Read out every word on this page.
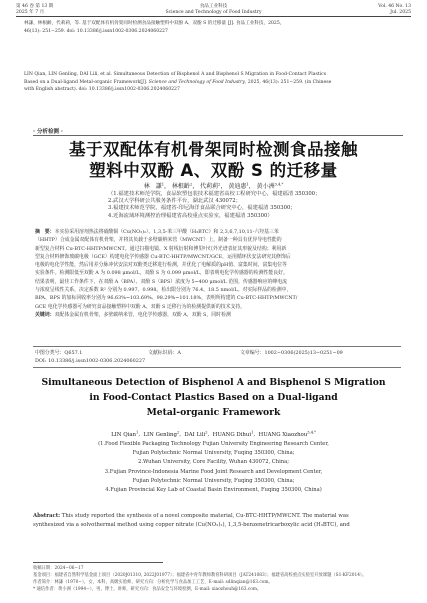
第 46 卷 第 13 期
2025 年 7 月
食品工业科技
Science and Technology of Food Industry
Vol. 46 No. 13
Jul. 2025
林謙，林根齡，代莉莉，等. 基于双配体有机骨架同时检测食品接触塑料中双酚 A、双酚 S 的迁移量 [J]. 食品工业科技，2025，
46(13): 251−259. doi: 10.13386/j.issn1002-0306.2024060227
LIN Qian, LIN Genling, DAI Lili, et al. Simultaneous Detection of Bisphenol A and Bisphenol S Migration in Food-Contact Plastics
Based on a Dual-ligand Metal-organic Framework[J]. Science and Technology of Food Industry, 2025, 46(13): 251−259. (in Chinese
with English abstract). doi: 10.13386/j.issn1002-0306.2024060227
· 分析检测 ·
基于双配体有机骨架同时检测食品接触
塑料中双酚 A、双酚 S 的迁移量
林　謙$^1$， 林根齡$^2$， 代莉莉$^2$， 黄迪惠$^1$， 黄小洲$^{3,4,*}$
（1.福建技术师范学院，食品软塑包装技术福建省高校工程研究中心，福建福清 350300；
2.武汉大学科研公共服务条件平台，湖北武汉 430072；
3.福建技术师范学院，福建省-印尼海洋食品联合研究中心，福建福清 350300；
4.近海流域环境测控治理福建省高校重点实验室，福建福清 350300）
摘　要：本实验采用溶剂热法将硝酸铜（Cu(NO₃)₂）、1,3,5-苯三甲酸（H₃BTC）和 2,3,6,7,10,11-六羟基三苯
（HHTP）合成金属双配体有机骨架，并将其负载于多壁碳纳米管（MWCNT）上，制备一种具有优异导电性能的
新型复合材料 Cu-BTC-HHTP/MWCNT。通过扫描电镜、X 射线衍射和傅里叶红外光谱表征其形貌及结构；利用新
型复合材料修饰玻碳电极（GCE）构建电化学传感器 Cu-BTC-HHTP/MWCNT/GCE，运用循环伏安法研究其修饰后
电极的电化学性能，然后用差分脉冲伏安法对双酚类迁移进行检测，并优化了电解质的pH值、富集时间、富集电位等
实验条件。检测限低至双酚 A 为 0.098 μmol/L，双酚 S 为 0.099 μmol/L，即表明电化学传感器的检测性能良好。
结果表明，最佳工作条件下，在双酚 A（BPA）、双酚 S（BPS）浓度为 5~400 μmol/L 范围，传感器响应的峰电流
与浓度呈线性关系，决定系数 R² 分别为 0.997、0.998。检出限分别为 76.4、18.5 nmol/L。对实际样品的检测中，
BPA、BPS 的加标回收率分别为 96.63%~103.69%、98.29%~101.18%，表明所构建的 Cu-BTC-HHTP/MWCNT/
GCE 电化学传感器可为研究食品接触塑料中双酚 A、双酚 S 迁移行为的检测提供新的技术支持。
关键词：双配体金属有机骨架，多壁碳纳米管，电化学传感器，双酚 A，双酚 S，同时检测
中图分类号：Q657.1	文献标识码：A	文章编号：1002−0306(2025)13−0251−09
DOI: 10.13386/j.issn1002-0306.2024060227
Simultaneous Detection of Bisphenol A and Bisphenol S Migration
in Food-Contact Plastics Based on a Dual-ligand
Metal-organic Framework
LIN Qian$^1$,  LIN Genling$^2$,  DAI Lili$^2$,  HUANG Dihui$^1$,  HUANG Xiaozhou$^{3,4,*}$
(1.Food Flexible Packaging Technology Fujian University Engineering Research Center,
Fujian Polytechnic Normal University, Fuqing 350300, China;
2.Wuhan University, Core Facility, Wuhan 430072, China;
3.Fujian Province-Indonesia Marine Food Joint Research and Development Center,
Fujian Polytechnic Normal University, Fuqing 350300, China;
4.Fujian Provincial Key Lab of Coastal Basin Environment, Fuqing 350300, China)
Abstract: This study reported the synthesis of a novel composite material, Cu-BTC-HHTP/MWCNT. The material was
synthesized via a solvothermal method using copper nitrate (Cu(NO₃)₂), 1,3,5-benzenetricarboxylic acid (H₃BTC), and
收稿日期：2024−06−17
基金项目：福建省自然科学基金面上项目（2020J01310, 2022J01977）；福建省中青年教师教育科研项目（JAT241083）；福建省高校重点实验室开放课题（S1-KF2014）。
作者简介：林謙（1970−），女，本科，高级实验师，研究方向：分析化学与食品加工工艺，E-mail: sdlinqian@163.com。
* 通信作者：黄小洲（1994−），男，博士，讲师，研究方向：食品安全与环境检测，E-mail: xiaozhouh@163.com。
